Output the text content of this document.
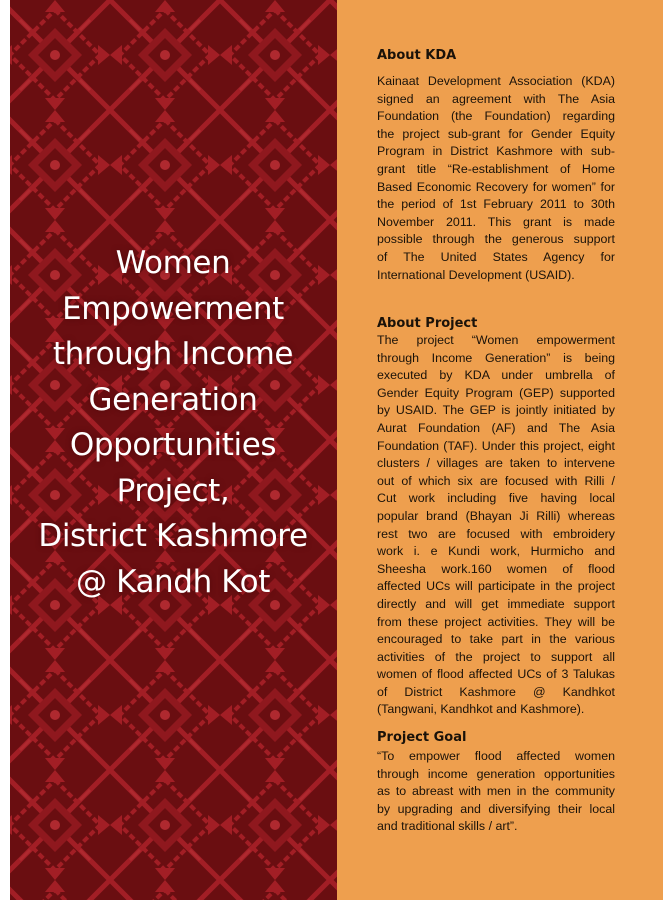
Women
Empowerment
through Income
Generation
Opportunities
Project,
District Kashmore
@ Kandh Kot
About KDA
Kainaat Development Association (KDA)
signed an agreement with The Asia
Foundation (the Foundation) regarding
the project sub-grant for Gender Equity
Program in District Kashmore with sub-
grant title “Re-establishment of Home
Based Economic Recovery for women” for
the period of 1st February 2011 to 30th
November 2011. This grant is made
possible through the generous support
of The United States Agency for
International Development (USAID).
About Project
The project “Women empowerment
through Income Generation” is being
executed by KDA under umbrella of
Gender Equity Program (GEP) supported
by USAID. The GEP is jointly initiated by
Aurat Foundation (AF) and The Asia
Foundation (TAF). Under this project, eight
clusters / villages are taken to intervene
out of which six are focused with Rilli /
Cut work including five having local
popular brand (Bhayan Ji Rilli) whereas
rest two are focused with embroidery
work i. e Kundi work, Hurmicho and
Sheesha work.160 women of flood
affected UCs will participate in the project
directly and will get immediate support
from these project activities. They will be
encouraged to take part in the various
activities of the project to support all
women of flood affected UCs of 3 Talukas
of District Kashmore @ Kandhkot
(Tangwani, Kandhkot and Kashmore).
Project Goal
“To empower flood affected women
through income generation opportunities
as to abreast with men in the community
by upgrading and diversifying their local
and traditional skills / art”.
